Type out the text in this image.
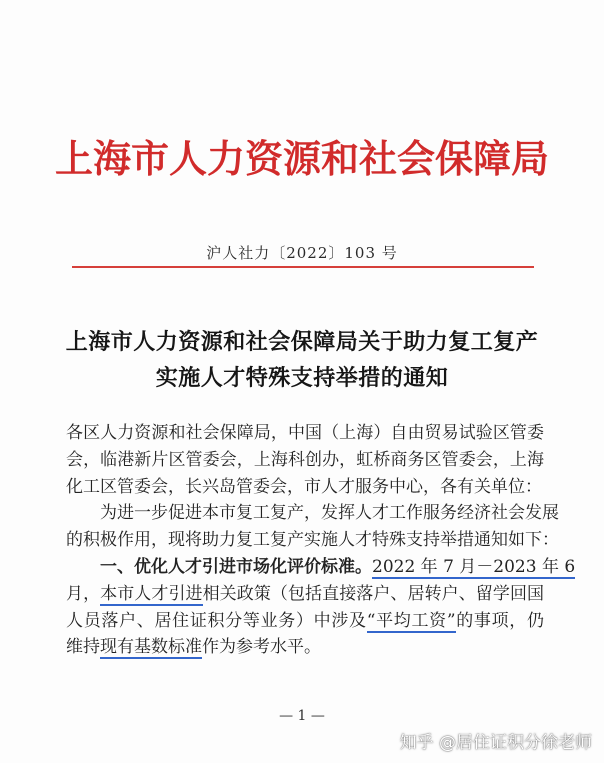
上海市人力资源和社会保障局
沪人社力〔2022〕103 号
上海市人力资源和社会保障局关于助力复工复产
实施人才特殊支持举措的通知
各区人力资源和社会保障局，中国（上海）自由贸易试验区管委
会，临港新片区管委会，上海科创办，虹桥商务区管委会，上海
化工区管委会，长兴岛管委会，市人才服务中心，各有关单位：
为进一步促进本市复工复产，发挥人才工作服务经济社会发展
的积极作用，现将助力复工复产实施人才特殊支持举措通知如下：
一、优化人才引进市场化评价标准。2022 年 7 月－2023 年 6
月，本市人才引进相关政策（包括直接落户、居转户、留学回国
人员落户、居住证积分等业务）中涉及“平均工资”的事项，仍
维持现有基数标准作为参考水平。
— 1 —
知乎 @居住证积分徐老师
